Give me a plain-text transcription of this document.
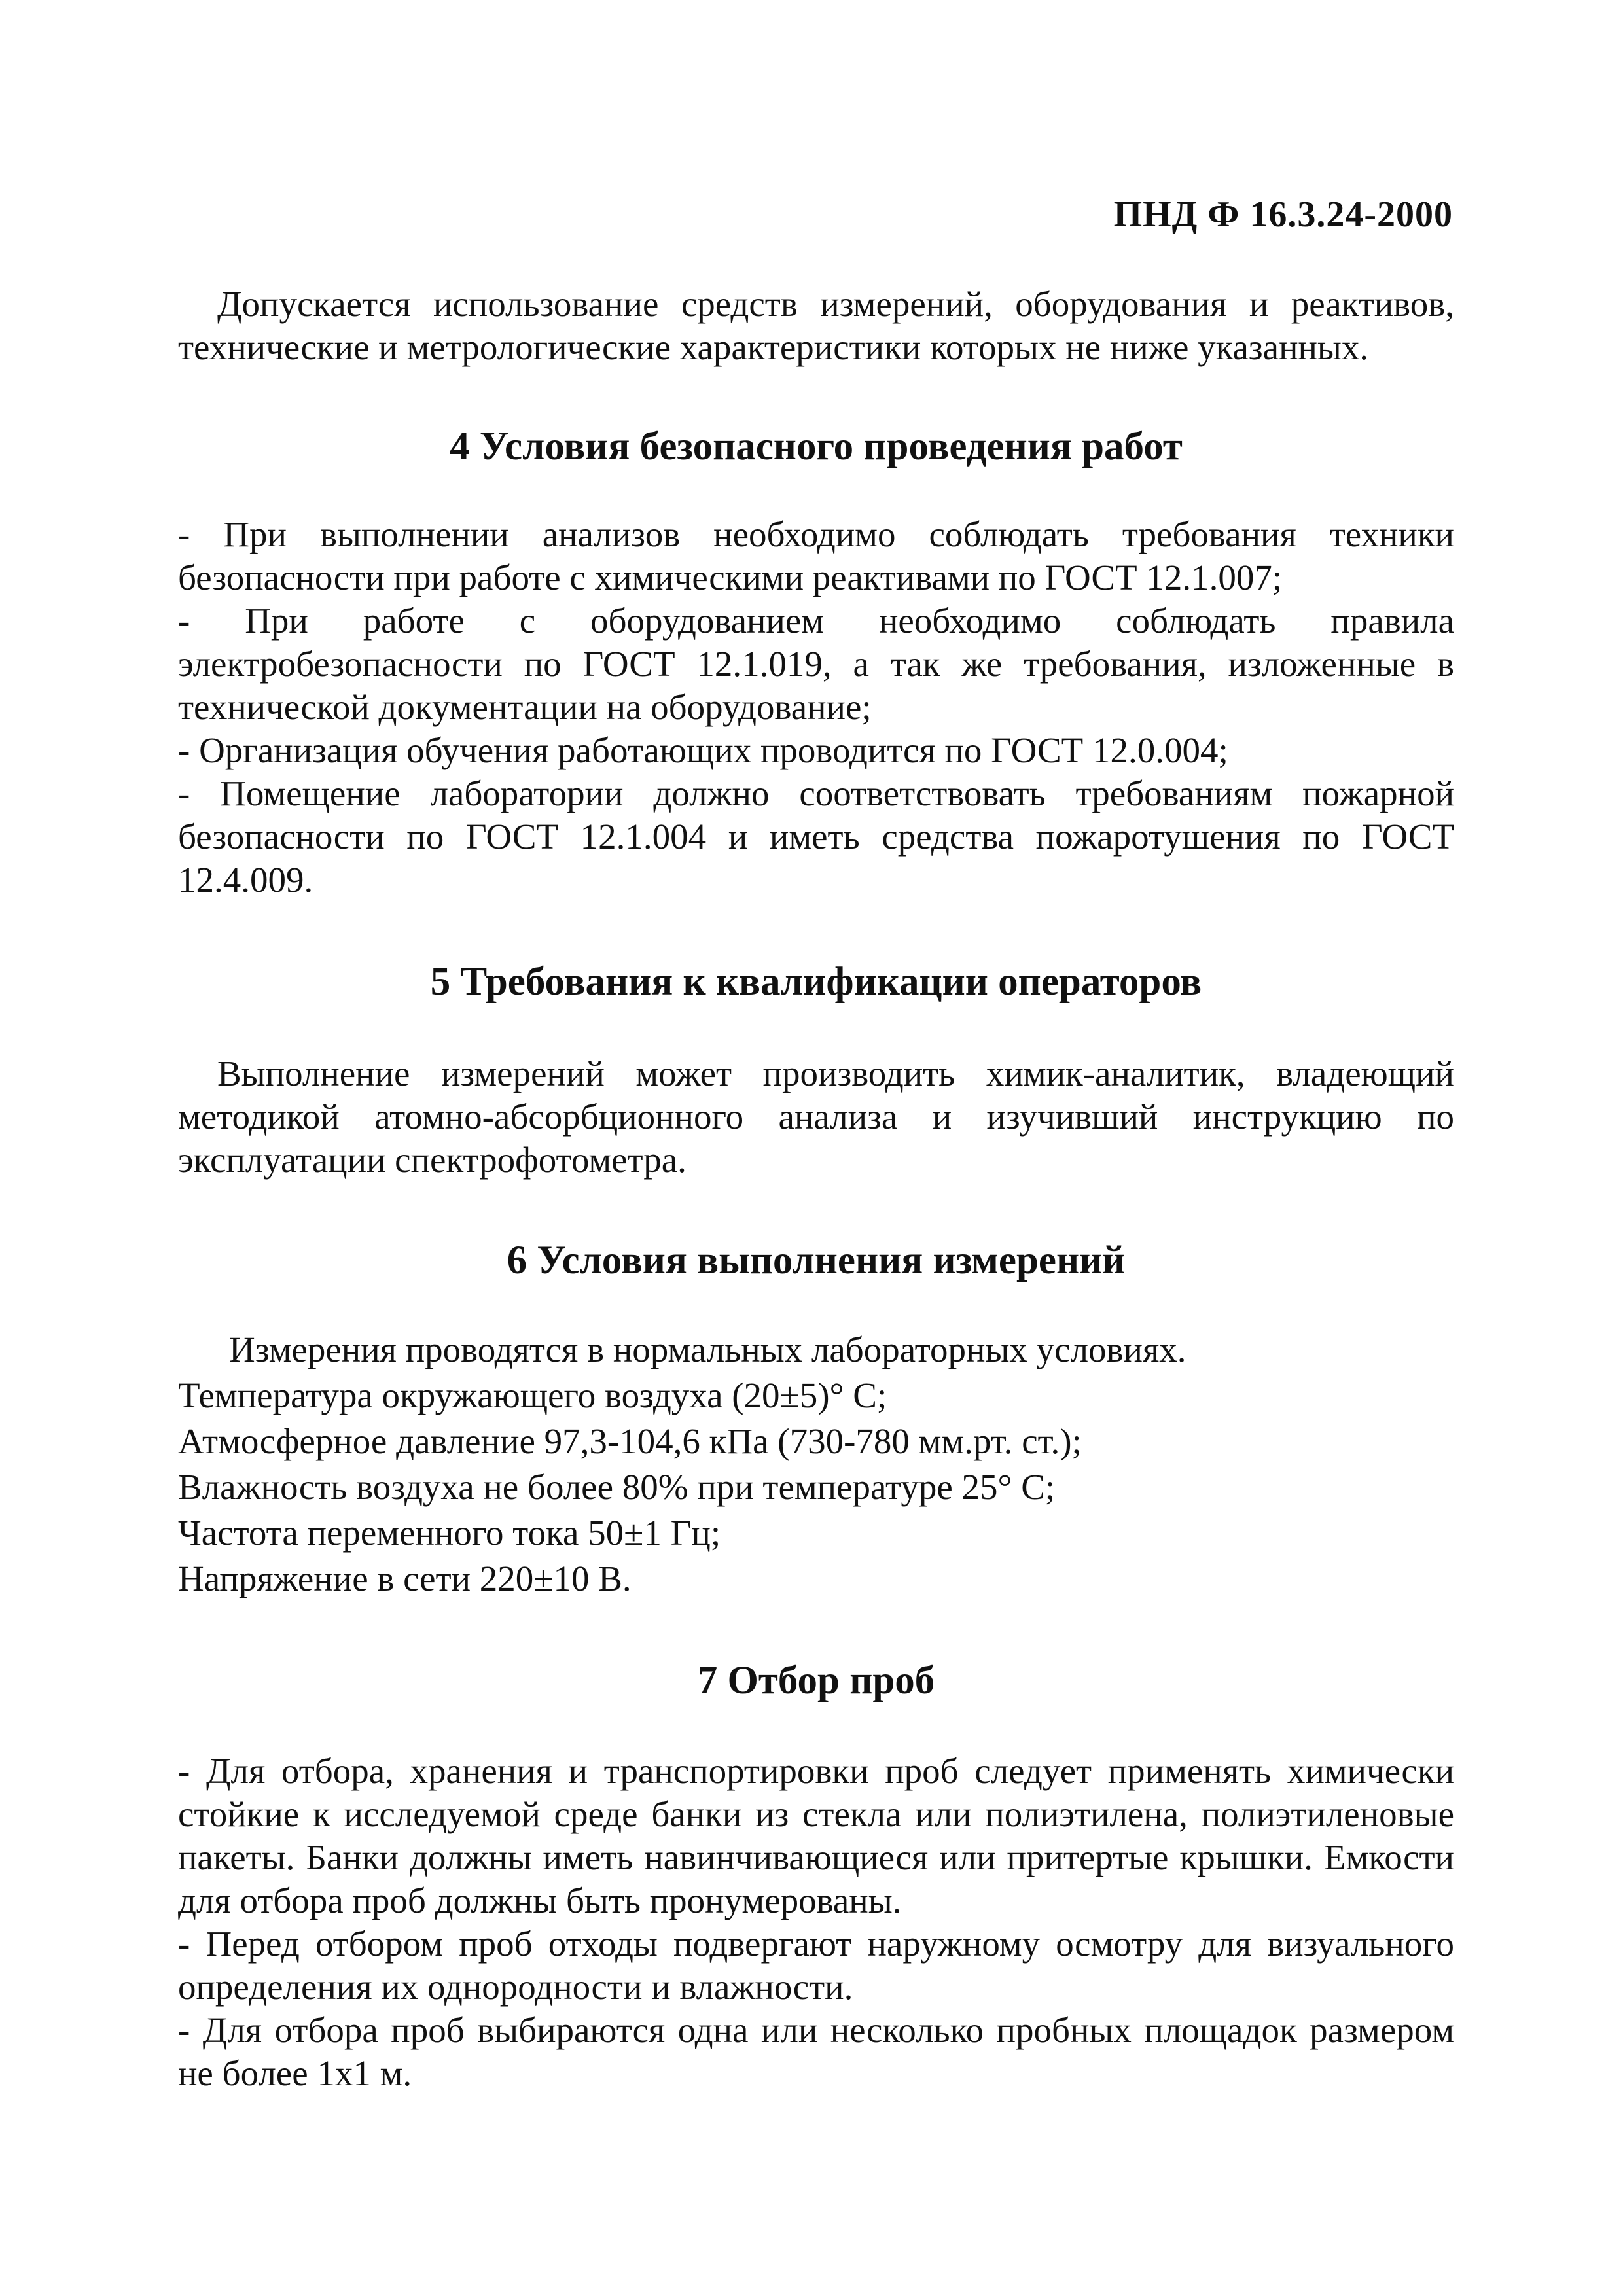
ПНД Ф 16.3.24-2000

Допускается использование средств измерений, оборудования и реактивов, технические и метрологические характеристики которых не ниже указанных.

4 Условия безопасного проведения работ
- При выполнении анализов необходимо соблюдать требования техники безопасности при работе с химическими реактивами по ГОСТ 12.1.007;
- При работе с оборудованием необходимо соблюдать правила электробезопасности по ГОСТ 12.1.019, а так же требования, изложенные в технической документации на оборудование;
- Организация обучения работающих проводится по ГОСТ 12.0.004;
- Помещение лаборатории должно соответствовать требованиям пожарной безопасности по ГОСТ 12.1.004 и иметь средства пожаротушения по ГОСТ 12.4.009.
5 Требования к квалификации операторов

Выполнение измерений может производить химик-аналитик, владеющий методикой атомно-абсорбционного анализа и изучивший инструкцию по эксплуатации спектрофотометра.

6 Условия выполнения измерений
Измерения проводятся в нормальных лабораторных условиях.
Температура окружающего воздуха (20±5)° С;
Атмосферное давление 97,3-104,6 кПа (730-780 мм.рт. ст.);
Влажность воздуха не более 80% при температуре 25° С;
Частота переменного тока 50±1 Гц;
Напряжение в сети 220±10 В.
7 Отбор проб
- Для отбора, хранения и транспортировки проб следует применять химически стойкие к исследуемой среде банки из стекла или полиэтилена, полиэтиленовые пакеты. Банки должны иметь навинчивающиеся или притертые крышки. Емкости для отбора проб должны быть пронумерованы.
- Перед отбором проб отходы подвергают наружному осмотру для визуального определения их однородности и влажности.
- Для отбора проб выбираются одна или несколько пробных площадок размером не более 1х1 м.
